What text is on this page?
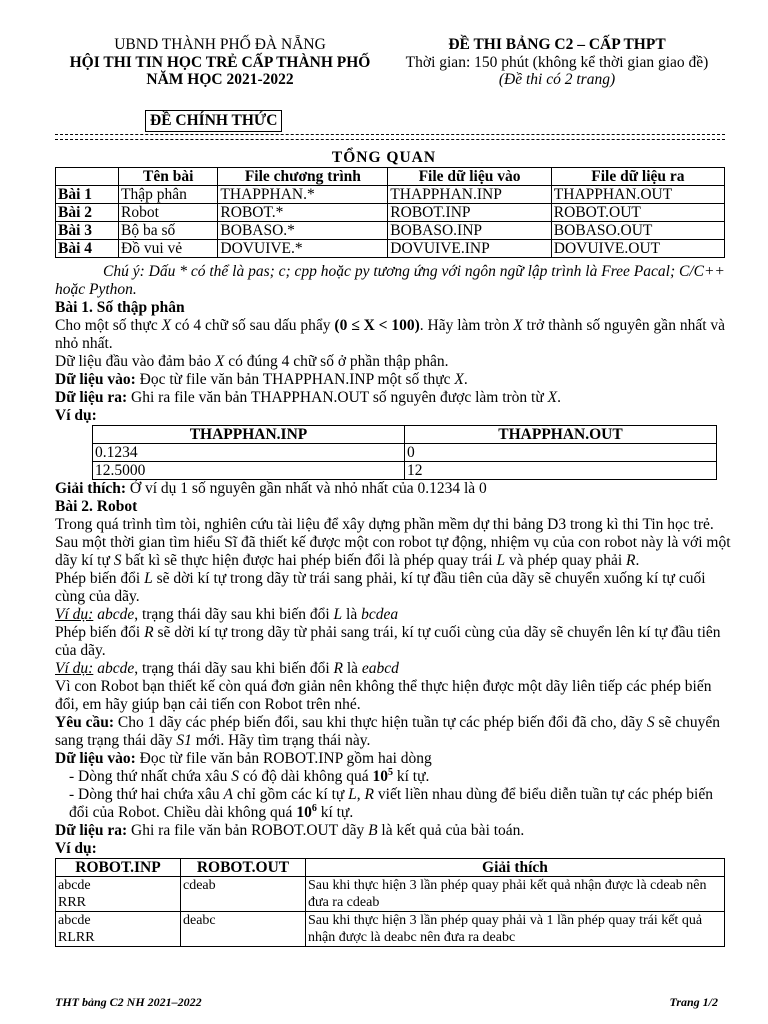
UBND THÀNH PHỐ ĐÀ NẴNG
HỘI THI TIN HỌC TRẺ CẤP THÀNH PHỐ
NĂM HỌC 2021-2022
ĐỀ THI BẢNG C2 – CẤP THPT
Thời gian: 150 phút (không kể thời gian giao đề)
(Đề thi có 2 trang)
ĐỀ CHÍNH THỨC
TỔNG QUAN
	Tên bài	File chương trình	File dữ liệu vào	File dữ liệu ra
Bài 1	Thập phân	THAPPHAN.*	THAPPHAN.INP	THAPPHAN.OUT
Bài 2	Robot	ROBOT.*	ROBOT.INP	ROBOT.OUT
Bài 3	Bộ ba số	BOBASO.*	BOBASO.INP	BOBASO.OUT
Bài 4	Đồ vui vẻ	DOVUIVE.*	DOVUIVE.INP	DOVUIVE.OUT

Chú ý: Dấu * có thể là pas; c; cpp hoặc py tương ứng với ngôn ngữ lập trình là Free Pacal; C/C++ hoặc Python.

Bài 1. Số thập phân

Cho một số thực X có 4 chữ số sau dấu phẩy (0 ≤ X < 100). Hãy làm tròn X trở thành số nguyên gần nhất và nhỏ nhất.

Dữ liệu đầu vào đảm bảo X có đúng 4 chữ số ở phần thập phân.

Dữ liệu vào: Đọc từ file văn bản THAPPHAN.INP một số thực X.

Dữ liệu ra: Ghi ra file văn bản THAPPHAN.OUT số nguyên được làm tròn từ X.

Ví dụ:

THAPPHAN.INP	THAPPHAN.OUT
0.1234	0
12.5000	12

Giải thích: Ở ví dụ 1 số nguyên gần nhất và nhỏ nhất của 0.1234 là 0

Bài 2. Robot

Trong quá trình tìm tòi, nghiên cứu tài liệu để xây dựng phần mềm dự thi bảng D3 trong kì thi Tin học trẻ. Sau một thời gian tìm hiểu Sĩ đã thiết kế được một con robot tự động, nhiệm vụ của con robot này là với một dãy kí tự S bất kì sẽ thực hiện được hai phép biến đổi là phép quay trái L và phép quay phải R.

Phép biến đổi L sẽ dời kí tự trong dãy từ trái sang phải, kí tự đầu tiên của dãy sẽ chuyển xuống kí tự cuối cùng của dãy.

Ví dụ: abcde, trạng thái dãy sau khi biến đổi L là bcdea

Phép biến đổi R sẽ dời kí tự trong dãy từ phải sang trái, kí tự cuối cùng của dãy sẽ chuyển lên kí tự đầu tiên của dãy.

Ví dụ: abcde, trạng thái dãy sau khi biến đổi R là eabcd

Vì con Robot bạn thiết kế còn quá đơn giản nên không thể thực hiện được một dãy liên tiếp các phép biến đổi, em hãy giúp bạn cải tiến con Robot trên nhé.

Yêu cầu: Cho 1 dãy các phép biến đổi, sau khi thực hiện tuần tự các phép biến đổi đã cho, dãy S sẽ chuyển sang trạng thái dãy S1 mới. Hãy tìm trạng thái này.

Dữ liệu vào: Đọc từ file văn bản ROBOT.INP gồm hai dòng

- Dòng thứ nhất chứa xâu S có độ dài không quá $10^5$ kí tự.

- Dòng thứ hai chứa xâu A chỉ gồm các kí tự L, R viết liền nhau dùng để biểu diễn tuần tự các phép biến đổi của Robot. Chiều dài không quá $10^6$ kí tự.

Dữ liệu ra: Ghi ra file văn bản ROBOT.OUT dãy B là kết quả của bài toán.

Ví dụ:

ROBOT.INP	ROBOT.OUT	Giải thích

abcde
RRR	cdeab	Sau khi thực hiện 3 lần phép quay phải kết quả nhận được là cdeab nên đưa ra cdeab

abcde
RLRR	deabc	Sau khi thực hiện 3 lần phép quay phải và 1 lần phép quay trái kết quả nhận được là deabc nên đưa ra deabc
THT bảng C2 NH 2021–2022	Trang 1/2
